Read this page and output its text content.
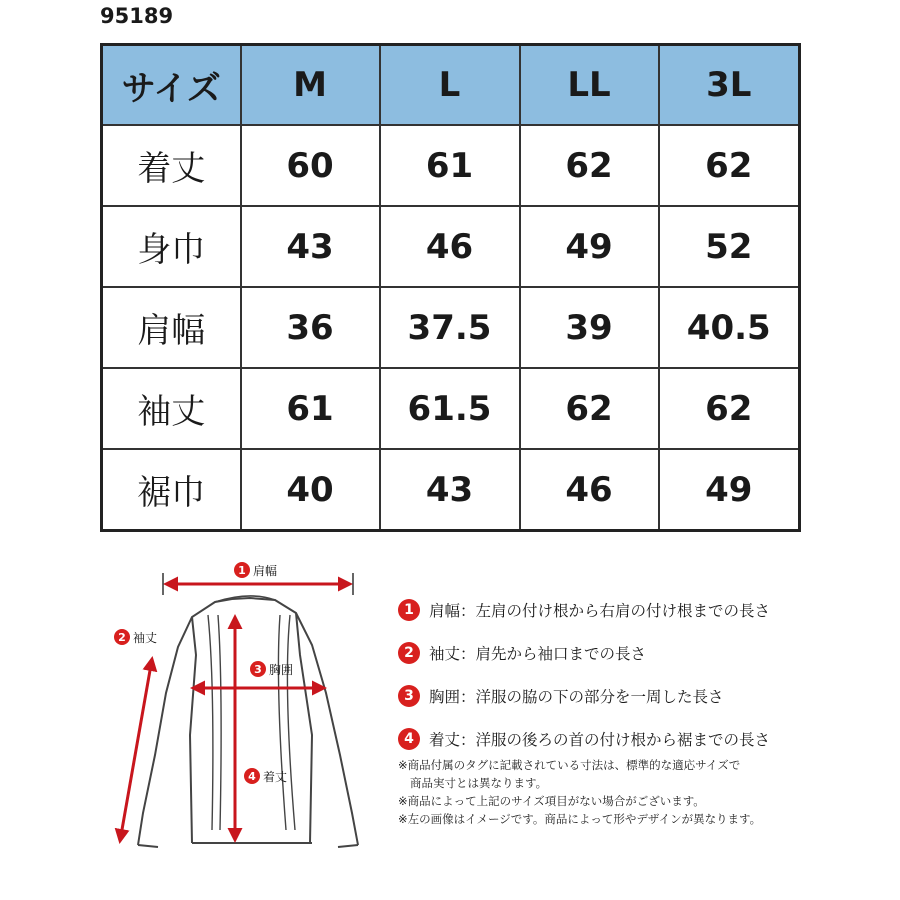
95189
サイズ	M	L	LL	3L
着丈	60	61	62	62
身巾	43	46	49	52
肩幅	36	37.5	39	40.5
袖丈	61	61.5	62	62
裾巾	40	43	46	49
1 肩幅
2 袖丈
3 胸囲
4 着丈
1 肩幅 ：左肩の付け根から右肩の付け根までの長さ
2 袖丈 ：肩先から袖口までの長さ
3 胸囲 ：洋服の脇の下の部分を一周した長さ
4 着丈 ：洋服の後ろの首の付け根から裾までの長さ
※商品付属のタグに記載されている寸法は、標準的な適応サイズで
商品実寸とは異なります。
※商品によって上記のサイズ項目がない場合がございます。
※左の画像はイメージです。商品によって形やデザインが異なります。
